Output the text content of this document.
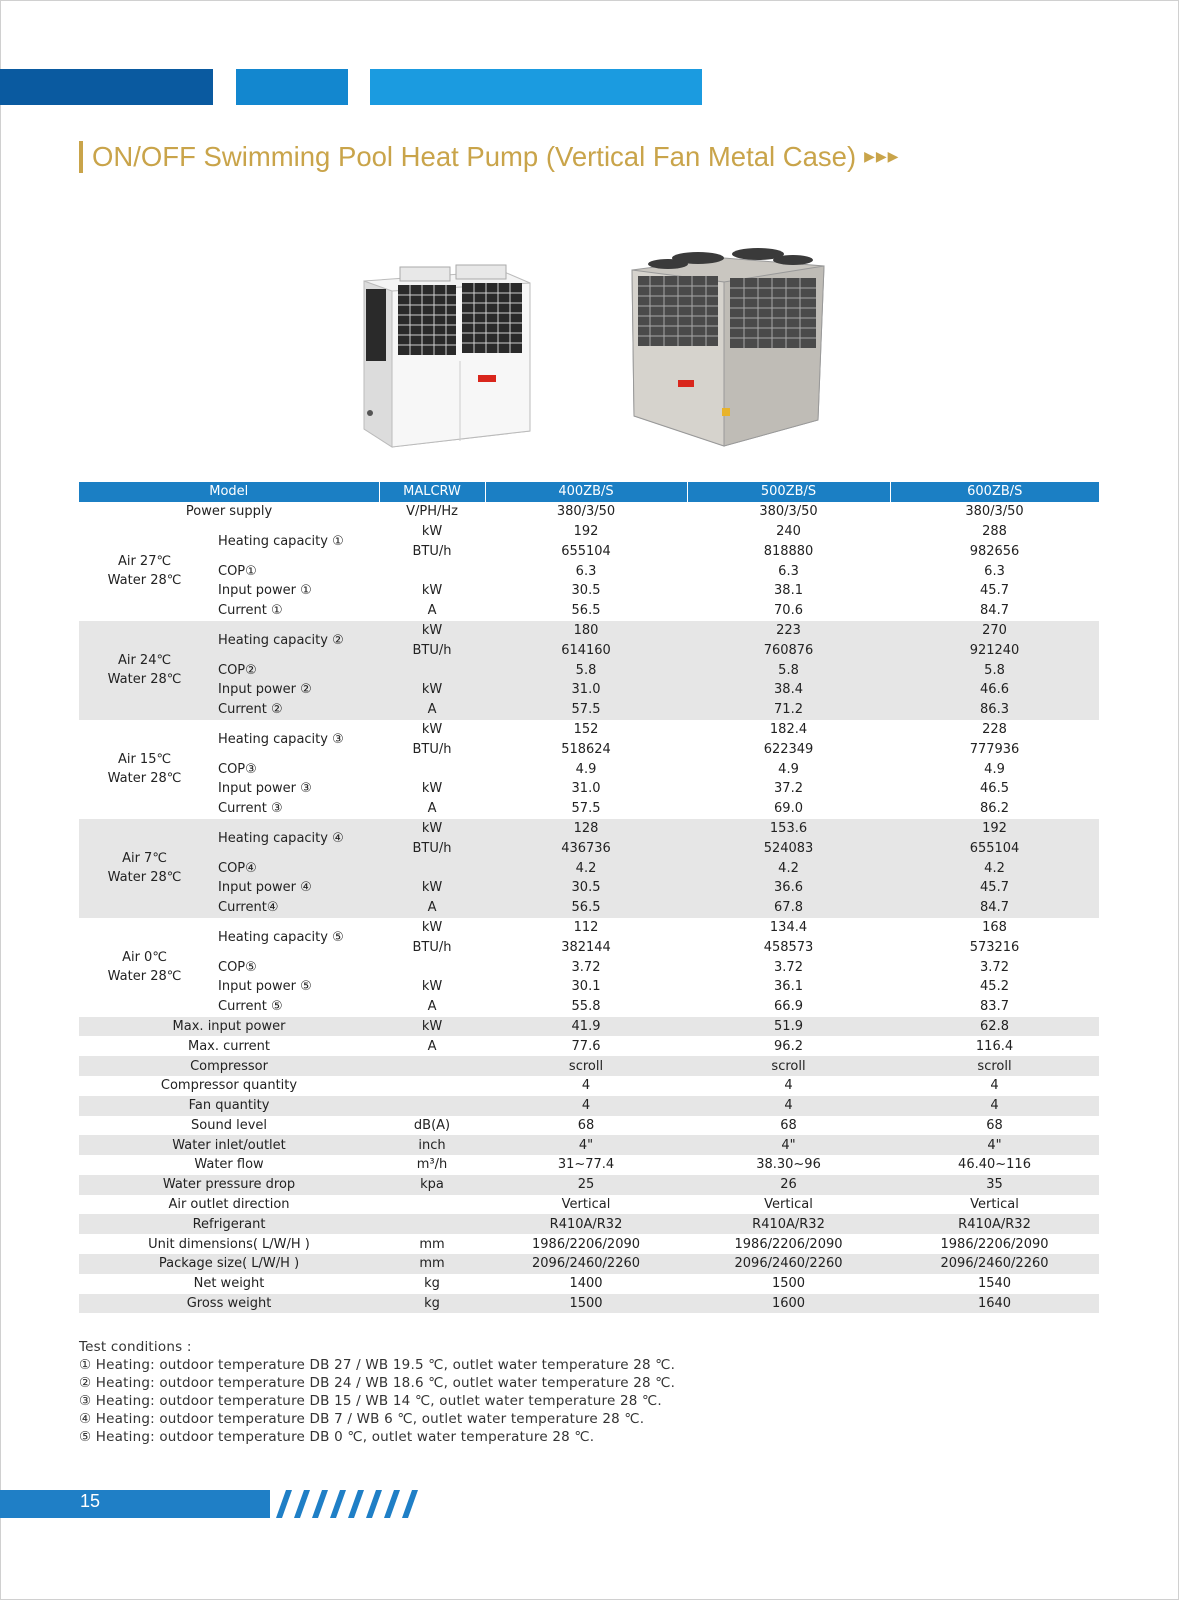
ON/OFF Swimming Pool Heat Pump (Vertical Fan Metal Case) ▶▶▶
Model		MALCRW	400ZB/S	500ZB/S	600ZB/S
Power supply		V/PH/Hz	380/3/50	380/3/50	380/3/50

Air 27℃
Water 28℃	Heating capacity ①	kW	192	240	288
		BTU/h	655104	818880	982656
	COP①		6.3	6.3	6.3
	Input power ①	kW	30.5	38.1	45.7
	Current ①	A	56.5	70.6	84.7

Air 24℃
Water 28℃	Heating capacity ②	kW	180	223	270
		BTU/h	614160	760876	921240
	COP②		5.8	5.8	5.8
	Input power ②	kW	31.0	38.4	46.6
	Current ②	A	57.5	71.2	86.3

Air 15℃
Water 28℃	Heating capacity ③	kW	152	182.4	228
		BTU/h	518624	622349	777936
	COP③		4.9	4.9	4.9
	Input power ③	kW	31.0	37.2	46.5
	Current ③	A	57.5	69.0	86.2

Air 7℃
Water 28℃	Heating capacity ④	kW	128	153.6	192
		BTU/h	436736	524083	655104
	COP④		4.2	4.2	4.2
	Input power ④	kW	30.5	36.6	45.7
	Current④	A	56.5	67.8	84.7

Air 0℃
Water 28℃	Heating capacity ⑤	kW	112	134.4	168
		BTU/h	382144	458573	573216
	COP⑤		3.72	3.72	3.72
	Input power ⑤	kW	30.1	36.1	45.2
	Current ⑤	A	55.8	66.9	83.7
Max. input power		kW	41.9	51.9	62.8
Max. current		A	77.6	96.2	116.4
Compressor			scroll	scroll	scroll
Compressor quantity			4	4	4
Fan quantity			4	4	4
Sound level		dB(A)	68	68	68
Water inlet/outlet		inch	4"	4"	4"
Water flow		m³/h	31~77.4	38.30~96	46.40~116
Water pressure drop		kpa	25	26	35
Air outlet direction			Vertical	Vertical	Vertical
Refrigerant			R410A/R32	R410A/R32	R410A/R32
Unit dimensions( L/W/H )		mm	1986/2206/2090	1986/2206/2090	1986/2206/2090
Package size( L/W/H )		mm	2096/2460/2260	2096/2460/2260	2096/2460/2260
Net weight		kg	1400	1500	1540
Gross weight		kg	1500	1600	1640
Test conditions :
① Heating: outdoor temperature DB 27 / WB 19.5 ℃, outlet water temperature 28 ℃.
② Heating: outdoor temperature DB 24 / WB 18.6 ℃, outlet water temperature 28 ℃.
③ Heating: outdoor temperature DB 15 / WB 14 ℃, outlet water temperature 28 ℃.
④ Heating: outdoor temperature DB 7 / WB 6 ℃, outlet water temperature 28 ℃.
⑤ Heating: outdoor temperature DB 0 ℃, outlet water temperature 28 ℃.
15
